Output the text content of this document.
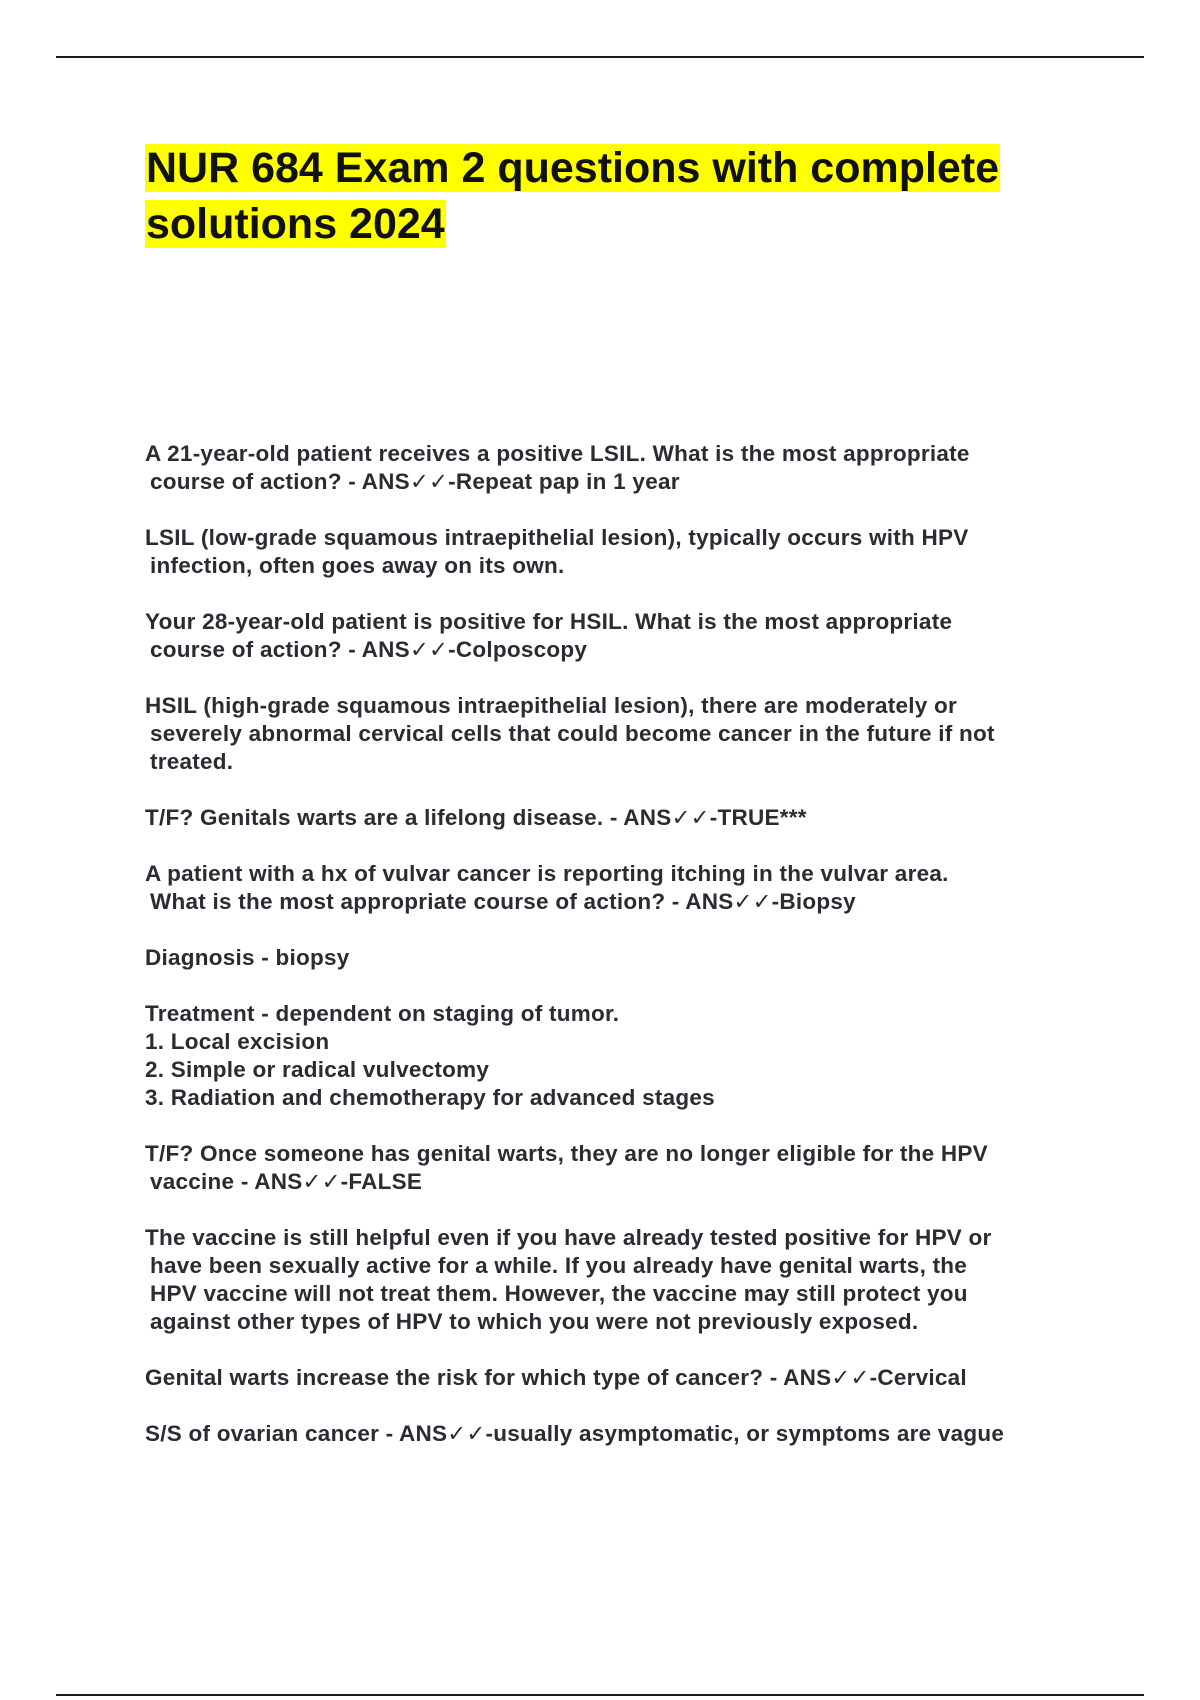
NUR 684 Exam 2 questions with complete solutions 2024
A 21-year-old patient receives a positive LSIL. What is the most appropriate
course of action? - ANS✓✓-Repeat pap in 1 year
LSIL (low-grade squamous intraepithelial lesion), typically occurs with HPV
infection, often goes away on its own.
Your 28-year-old patient is positive for HSIL. What is the most appropriate
course of action? - ANS✓✓-Colposcopy
HSIL (high-grade squamous intraepithelial lesion), there are moderately or
severely abnormal cervical cells that could become cancer in the future if not
treated.
T/F? Genitals warts are a lifelong disease. - ANS✓✓-TRUE***
A patient with a hx of vulvar cancer is reporting itching in the vulvar area.
What is the most appropriate course of action? - ANS✓✓-Biopsy
Diagnosis - biopsy
Treatment - dependent on staging of tumor.
1. Local excision
2. Simple or radical vulvectomy
3. Radiation and chemotherapy for advanced stages
T/F? Once someone has genital warts, they are no longer eligible for the HPV
vaccine - ANS✓✓-FALSE
The vaccine is still helpful even if you have already tested positive for HPV or
have been sexually active for a while. If you already have genital warts, the
HPV vaccine will not treat them. However, the vaccine may still protect you
against other types of HPV to which you were not previously exposed.
Genital warts increase the risk for which type of cancer? - ANS✓✓-Cervical
S/S of ovarian cancer - ANS✓✓-usually asymptomatic, or symptoms are vague
